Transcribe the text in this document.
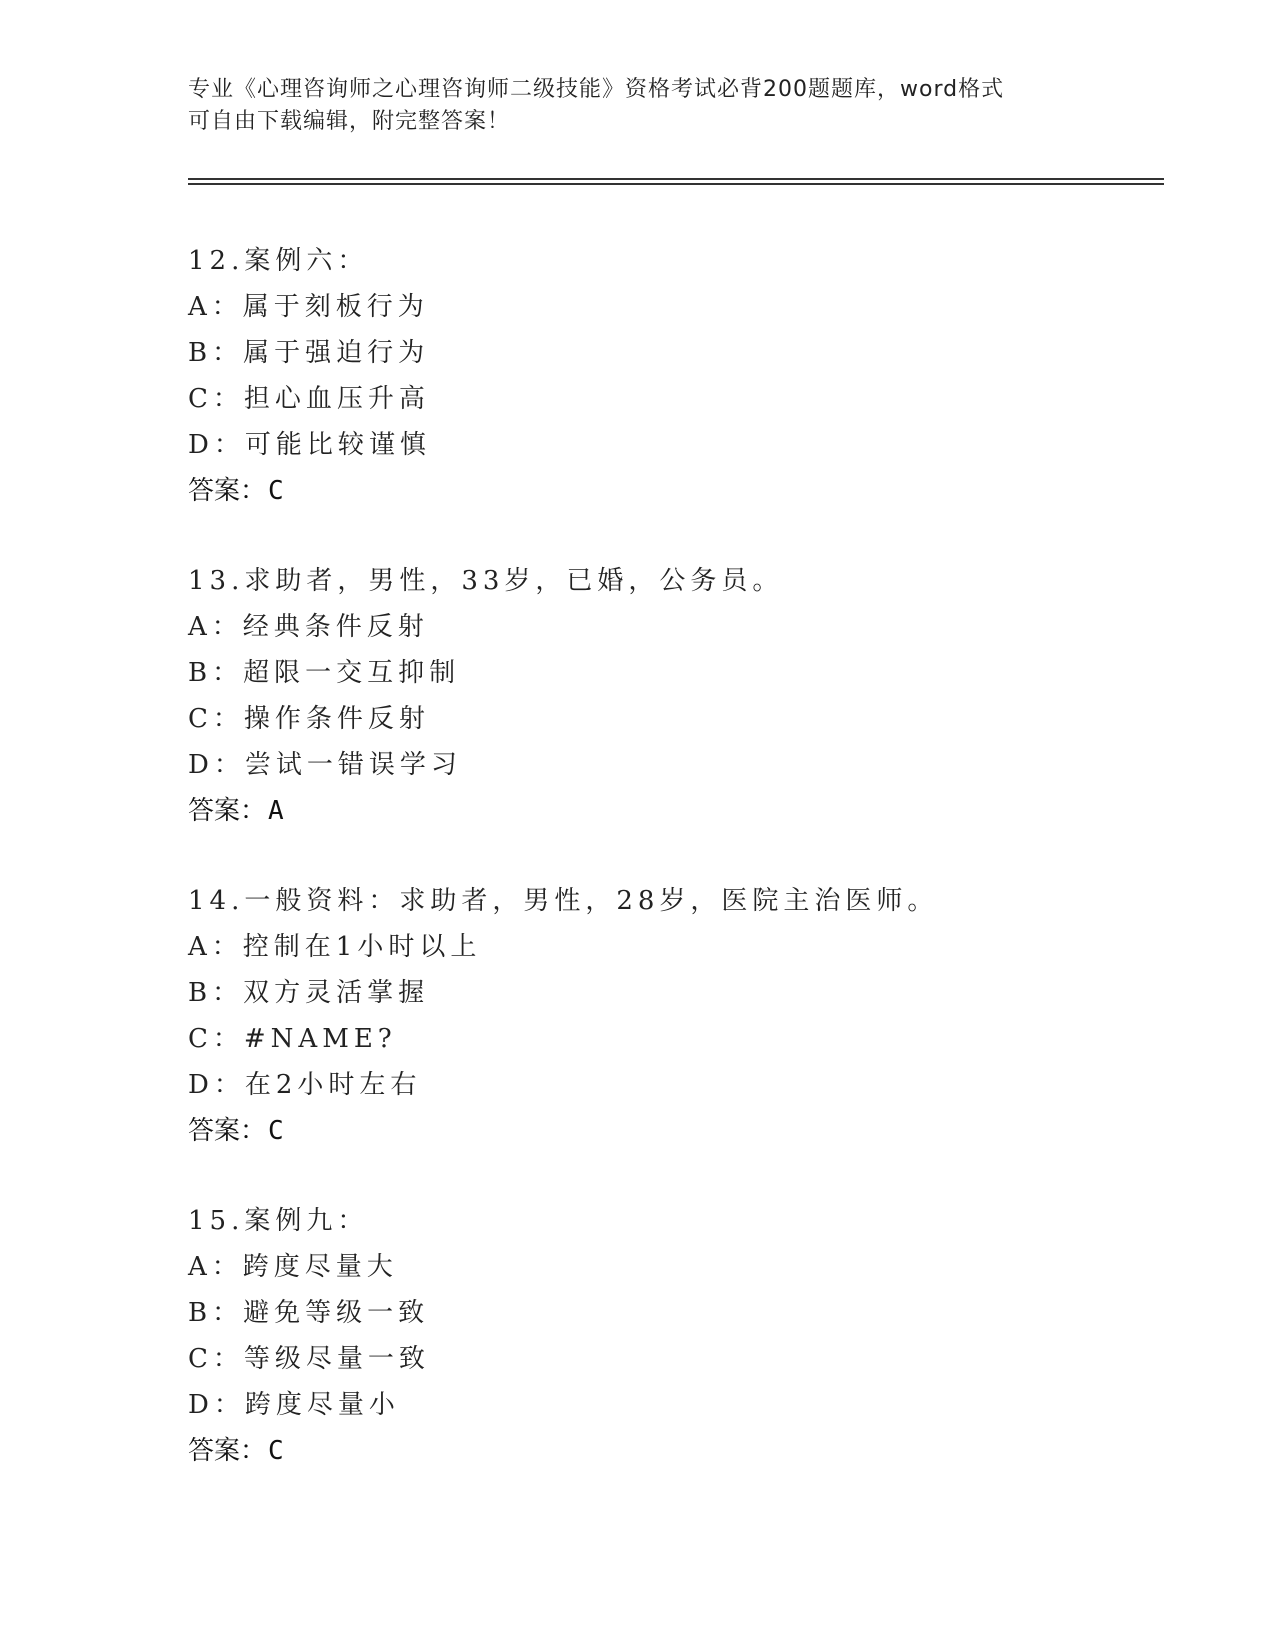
专业《心理咨询师之心理咨询师二级技能》资格考试必背200题题库，word格式
可自由下载编辑，附完整答案！
12.案例六：
A：属于刻板行为
B：属于强迫行为
C：担心血压升高
D：可能比较谨慎
答案：C
13.求助者，男性，33岁，已婚，公务员。
A：经典条件反射
B：超限一交互抑制
C：操作条件反射
D：尝试一错误学习
答案：A
14.一般资料：求助者，男性，28岁，医院主治医师。
A：控制在1小时以上
B：双方灵活掌握
C：#NAME?
D：在2小时左右
答案：C
15.案例九：
A：跨度尽量大
B：避免等级一致
C：等级尽量一致
D：跨度尽量小
答案：C
